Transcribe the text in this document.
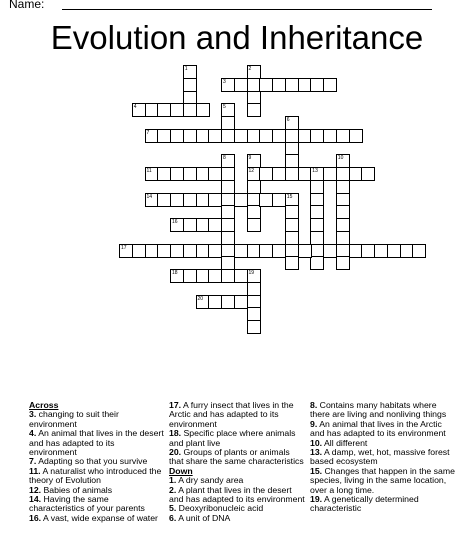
Name:
Evolution and Inheritance
1	2
3
4	5
6
7
8	9
12
10
11	13
14	15
16
17
18	19
20
Across
3. changing to suit their environment
4. An animal that lives in the desert and has adapted to its environment
7. Adapting so that you survive
11. A naturalist who introduced the theory of Evolution
12. Babies of animals
14. Having the same characteristics of your parents
16. A vast, wide expanse of water
17. A furry insect that lives in the Arctic and has adapted to its environment
18. Specific place where animals and plant live
20. Groups of plants or animals that share the same characteristics
Down
1. A dry sandy area
2. A plant that lives in the desert and has adapted to its environment
5. Deoxyribonucleic acid
6. A unit of DNA
8. Contains many habitats where there are living and nonliving things
9. An animal that lives in the Arctic and has adapted to its environment
10. All different
13. A damp, wet, hot, massive forest based ecosystem
15. Changes that happen in the same species, living in the same location, over a long time.
19. A genetically determined characteristic
